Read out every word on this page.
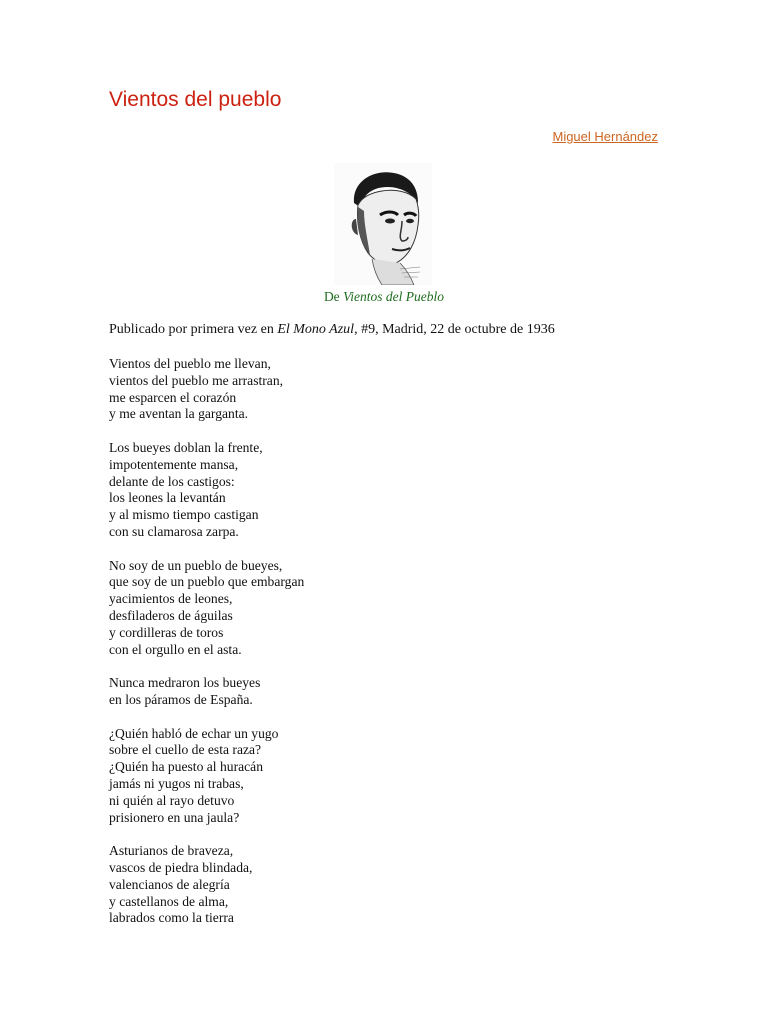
Vientos del pueblo
Miguel Hernández
De Vientos del Pueblo
Publicado por primera vez en El Mono Azul, #9, Madrid, 22 de octubre de 1936
Vientos del pueblo me llevan,
vientos del pueblo me arrastran,
me esparcen el corazón
y me aventan la garganta.
Los bueyes doblan la frente,
impotentemente mansa,
delante de los castigos:
los leones la levantán
y al mismo tiempo castigan
con su clamarosa zarpa.
No soy de un pueblo de bueyes,
que soy de un pueblo que embargan
yacimientos de leones,
desfiladeros de águilas
y cordilleras de toros
con el orgullo en el asta.
Nunca medraron los bueyes
en los páramos de España.
¿Quién habló de echar un yugo
sobre el cuello de esta raza?
¿Quién ha puesto al huracán
jamás ni yugos ni trabas,
ni quién al rayo detuvo
prisionero en una jaula?
Asturianos de braveza,
vascos de piedra blindada,
valencianos de alegría
y castellanos de alma,
labrados como la tierra
